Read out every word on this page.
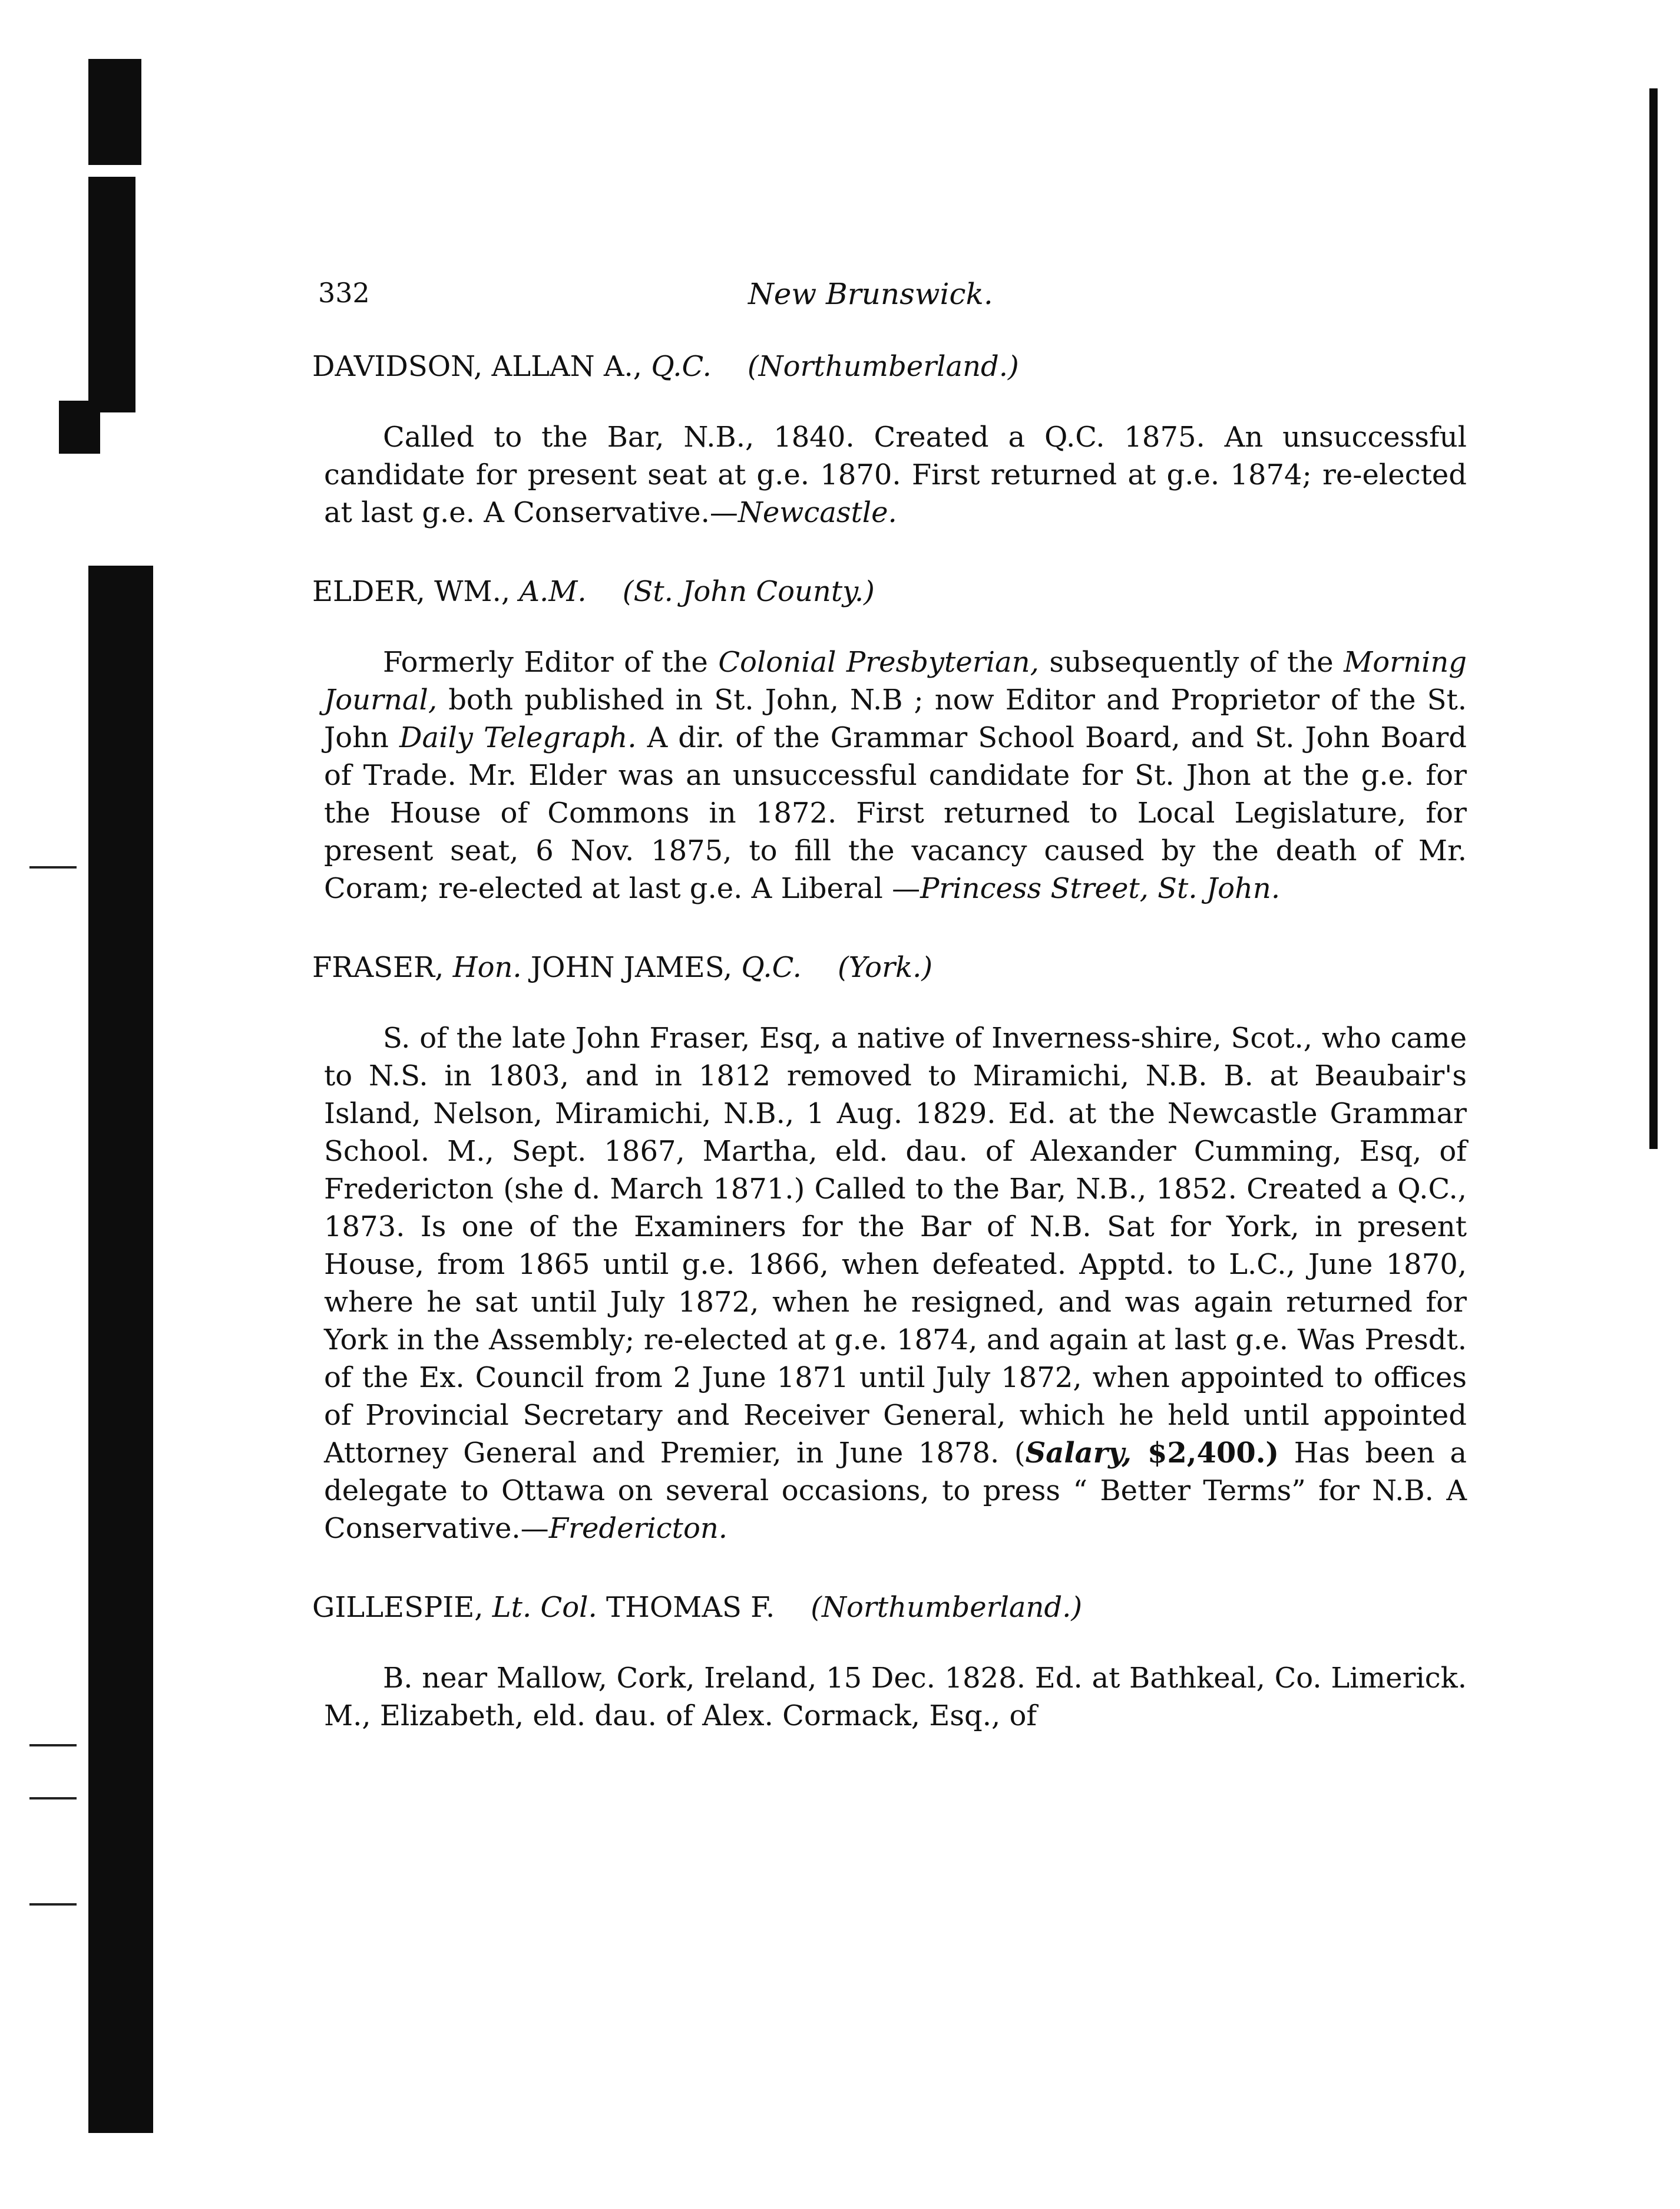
332	New Brunswick.
DAVIDSON, ALLAN A., Q.C. (Northumberland.)

Called to the Bar, N.B., 1840. Created a Q.C. 1875. An unsuccessful candidate for present seat at g.e. 1870. First returned at g.e. 1874; re-elected at last g.e. A Conservative.—Newcastle.

ELDER, WM., A.M. (St. John County.)

Formerly Editor of the Colonial Presbyterian, subsequently of the Morning Journal, both published in St. John, N.B ; now Editor and Proprietor of the St. John Daily Telegraph. A dir. of the Grammar School Board, and St. John Board of Trade. Mr. Elder was an unsuccessful candidate for St. Jhon at the g.e. for the House of Commons in 1872. First returned to Local Legislature, for present seat, 6 Nov. 1875, to fill the vacancy caused by the death of Mr. Coram; re-elected at last g.e. A Liberal —Princess Street, St. John.

FRASER, Hon. JOHN JAMES, Q.C. (York.)

S. of the late John Fraser, Esq, a native of Inverness-shire, Scot., who came to N.S. in 1803, and in 1812 removed to Miramichi, N.B. B. at Beaubair's Island, Nelson, Miramichi, N.B., 1 Aug. 1829. Ed. at the Newcastle Grammar School. M., Sept. 1867, Martha, eld. dau. of Alexander Cumming, Esq, of Fredericton (she d. March 1871.) Called to the Bar, N.B., 1852. Created a Q.C., 1873. Is one of the Examiners for the Bar of N.B. Sat for York, in present House, from 1865 until g.e. 1866, when defeated. Apptd. to L.C., June 1870, where he sat until July 1872, when he resigned, and was again returned for York in the Assembly; re-elected at g.e. 1874, and again at last g.e. Was Presdt. of the Ex. Council from 2 June 1871 until July 1872, when appointed to offices of Provincial Secretary and Receiver General, which he held until appointed Attorney General and Premier, in June 1878. (Salary, $2,400.) Has been a delegate to Ottawa on several occasions, to press “ Better Terms” for N.B. A Conservative.—Fredericton.

GILLESPIE, Lt. Col. THOMAS F. (Northumberland.)

B. near Mallow, Cork, Ireland, 15 Dec. 1828. Ed. at Bathkeal, Co. Limerick. M., Elizabeth, eld. dau. of Alex. Cormack, Esq., of
